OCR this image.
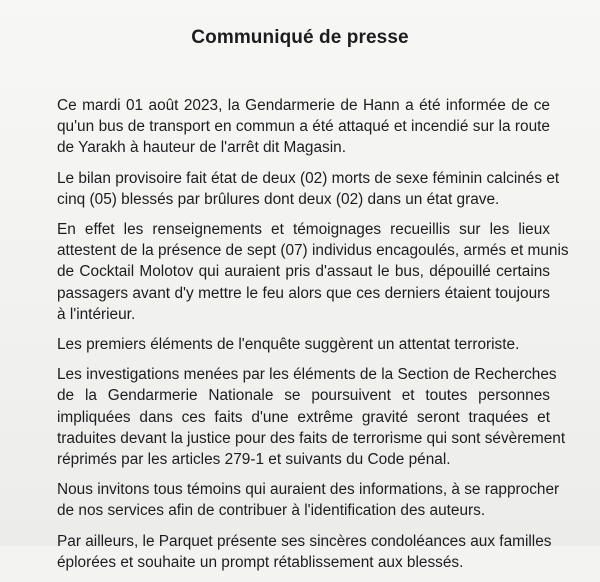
Communiqué de presse

Ce mardi 01 août 2023, la Gendarmerie de Hann a été informée de ce
qu'un bus de transport en commun a été attaqué et incendié sur la route
de Yarakh à hauteur de l'arrêt dit Magasin.

Le bilan provisoire fait état de deux (02) morts de sexe féminin calcinés et
cinq (05) blessés par brûlures dont deux (02) dans un état grave.

En effet les renseignements et témoignages recueillis sur les lieux
attestent de la présence de sept (07) individus encagoulés, armés et munis
de Cocktail Molotov qui auraient pris d'assaut le bus, dépouillé certains
passagers avant d'y mettre le feu alors que ces derniers étaient toujours
à l'intérieur.

Les premiers éléments de l'enquête suggèrent un attentat terroriste.

Les investigations menées par les éléments de la Section de Recherches
de la Gendarmerie Nationale se poursuivent et toutes personnes
impliquées dans ces faits d'une extrême gravité seront traquées et
traduites devant la justice pour des faits de terrorisme qui sont sévèrement
réprimés par les articles 279-1 et suivants du Code pénal.

Nous invitons tous témoins qui auraient des informations, à se rapprocher
de nos services afin de contribuer à l'identification des auteurs.

Par ailleurs, le Parquet présente ses sincères condoléances aux familles
éplorées et souhaite un prompt rétablissement aux blessés.
